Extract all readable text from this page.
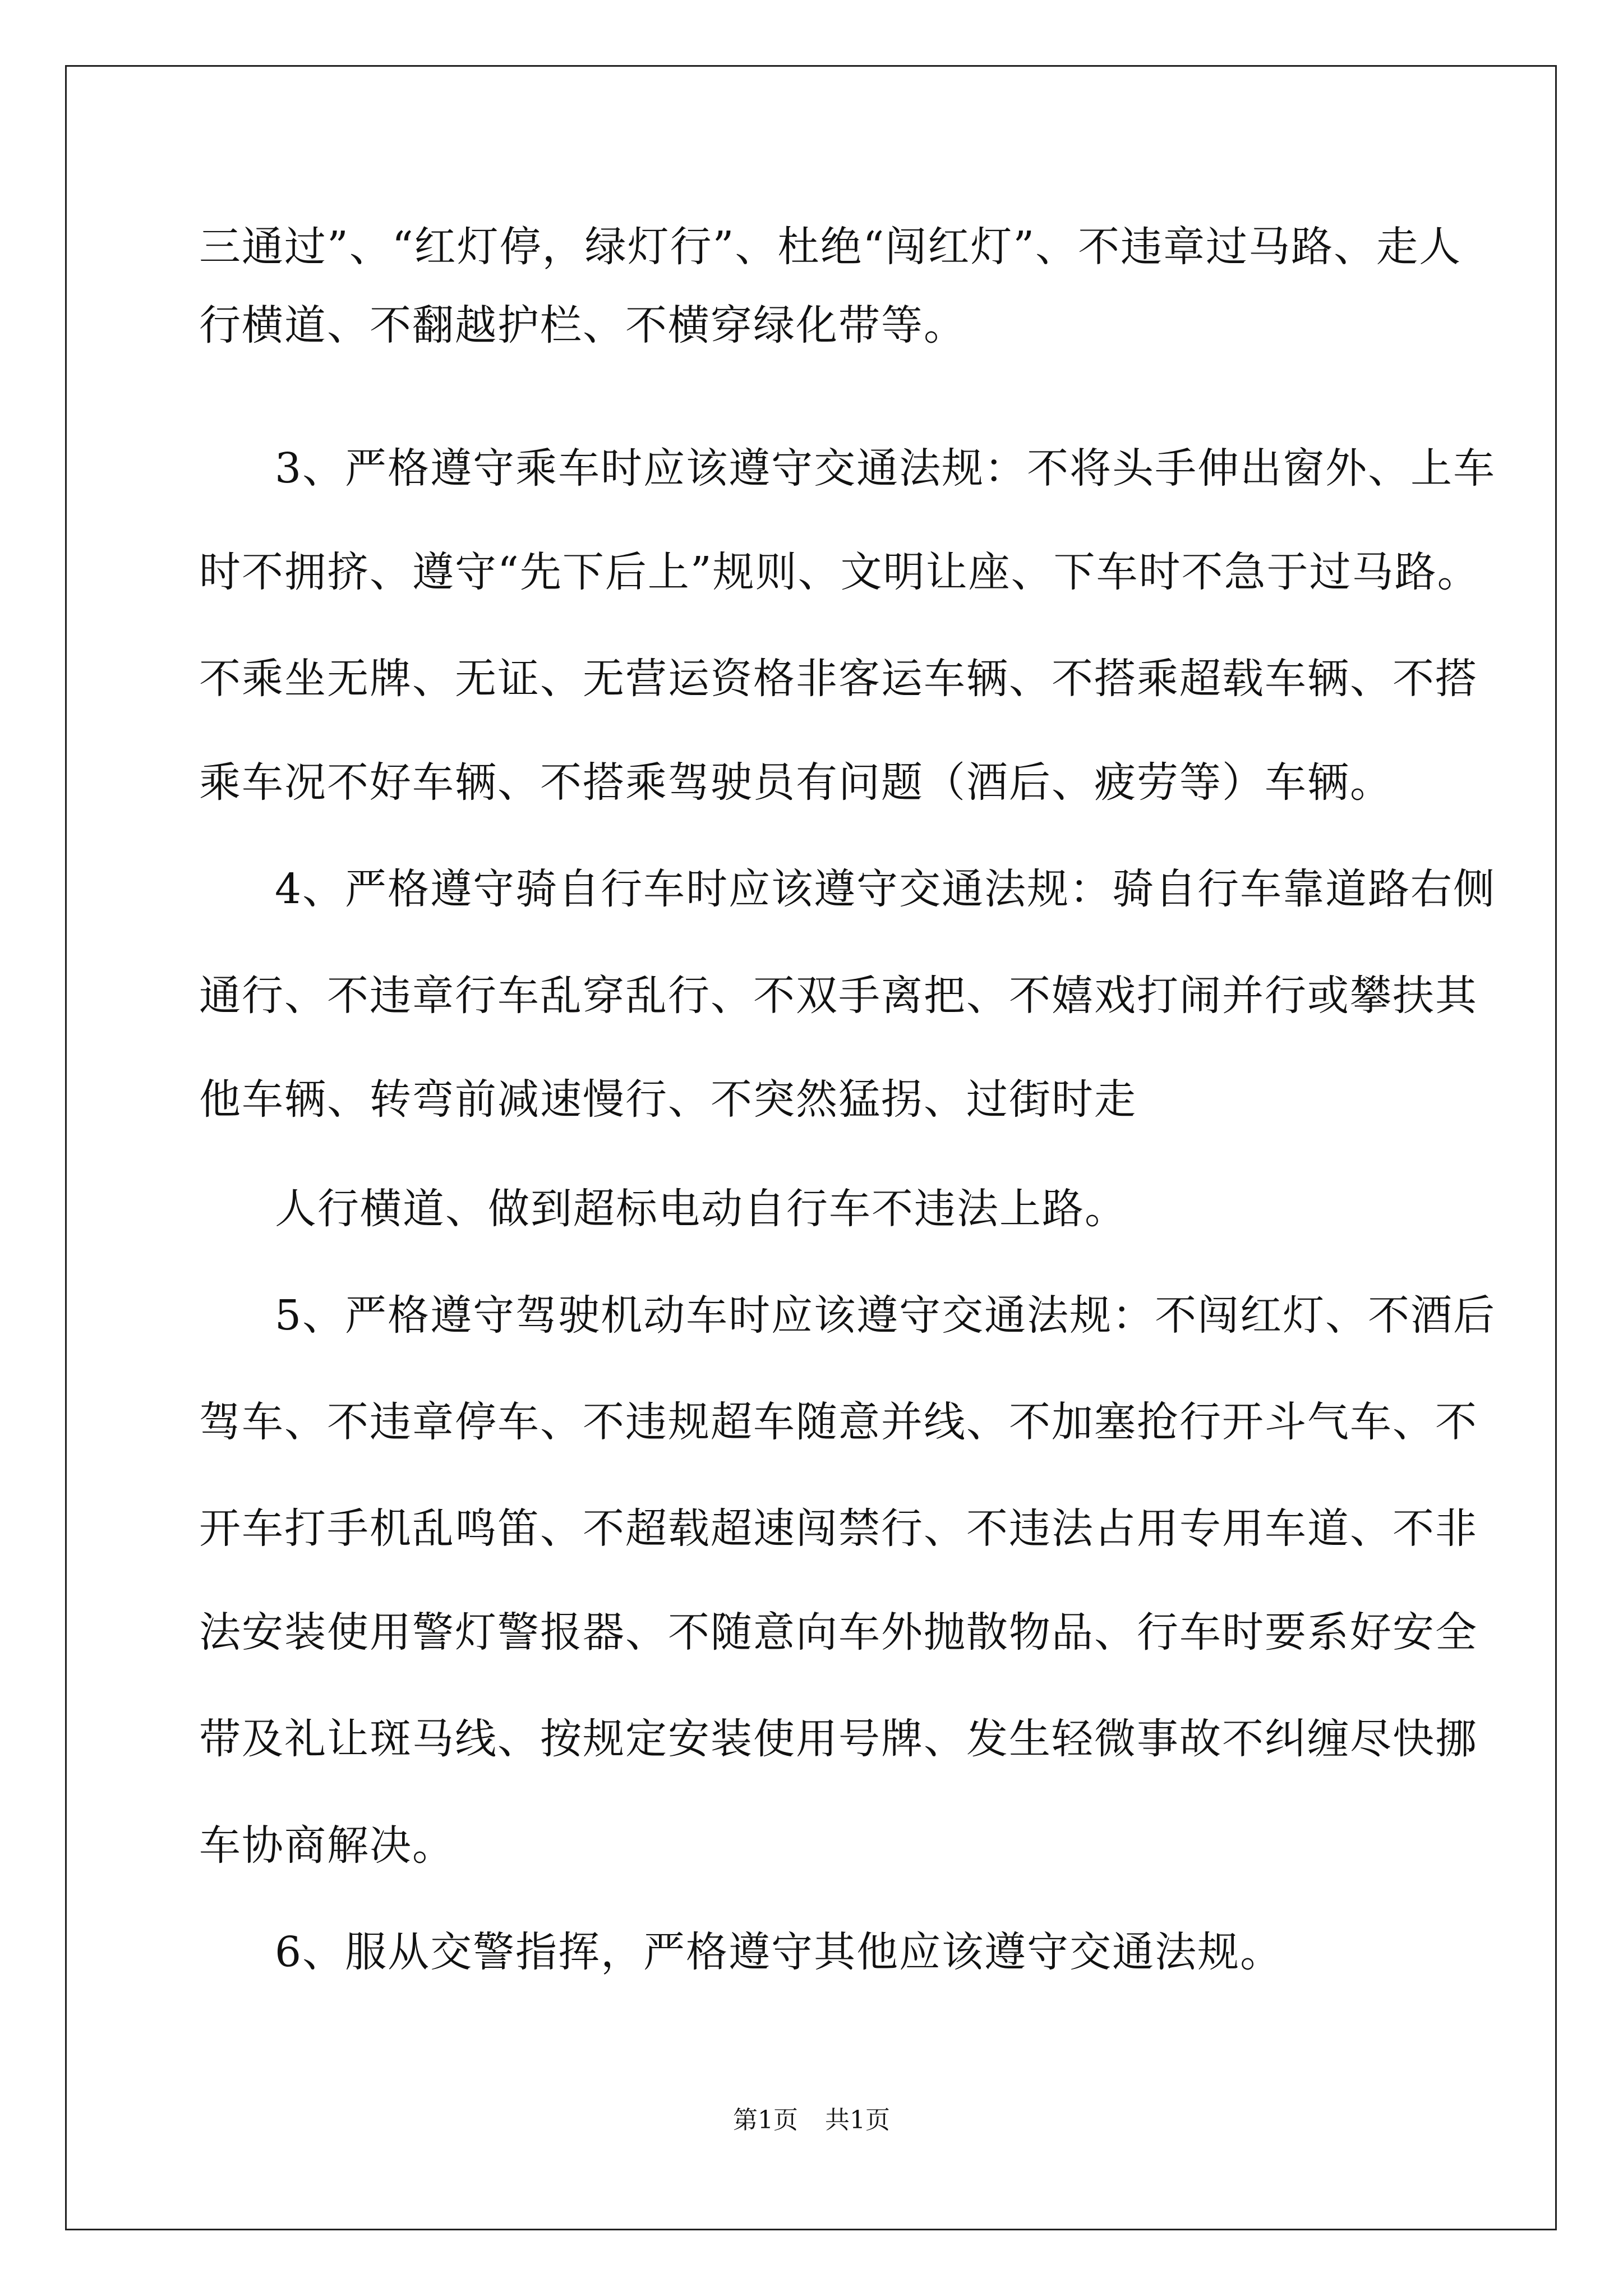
三通过”、“红灯停，绿灯行”、杜绝“闯红灯”、不违章过马路、走人
行横道、不翻越护栏、不横穿绿化带等。
3、严格遵守乘车时应该遵守交通法规：不将头手伸出窗外、上车
时不拥挤、遵守“先下后上”规则、文明让座、下车时不急于过马路。
不乘坐无牌、无证、无营运资格非客运车辆、不搭乘超载车辆、不搭
乘车况不好车辆、不搭乘驾驶员有问题（酒后、疲劳等）车辆。
4、严格遵守骑自行车时应该遵守交通法规：骑自行车靠道路右侧
通行、不违章行车乱穿乱行、不双手离把、不嬉戏打闹并行或攀扶其
他车辆、转弯前减速慢行、不突然猛拐、过街时走
人行横道、做到超标电动自行车不违法上路。
5、严格遵守驾驶机动车时应该遵守交通法规：不闯红灯、不酒后
驾车、不违章停车、不违规超车随意并线、不加塞抢行开斗气车、不
开车打手机乱鸣笛、不超载超速闯禁行、不违法占用专用车道、不非
法安装使用警灯警报器、不随意向车外抛散物品、行车时要系好安全
带及礼让斑马线、按规定安装使用号牌、发生轻微事故不纠缠尽快挪
车协商解决。
6、服从交警指挥，严格遵守其他应该遵守交通法规。
第1页 共1页
